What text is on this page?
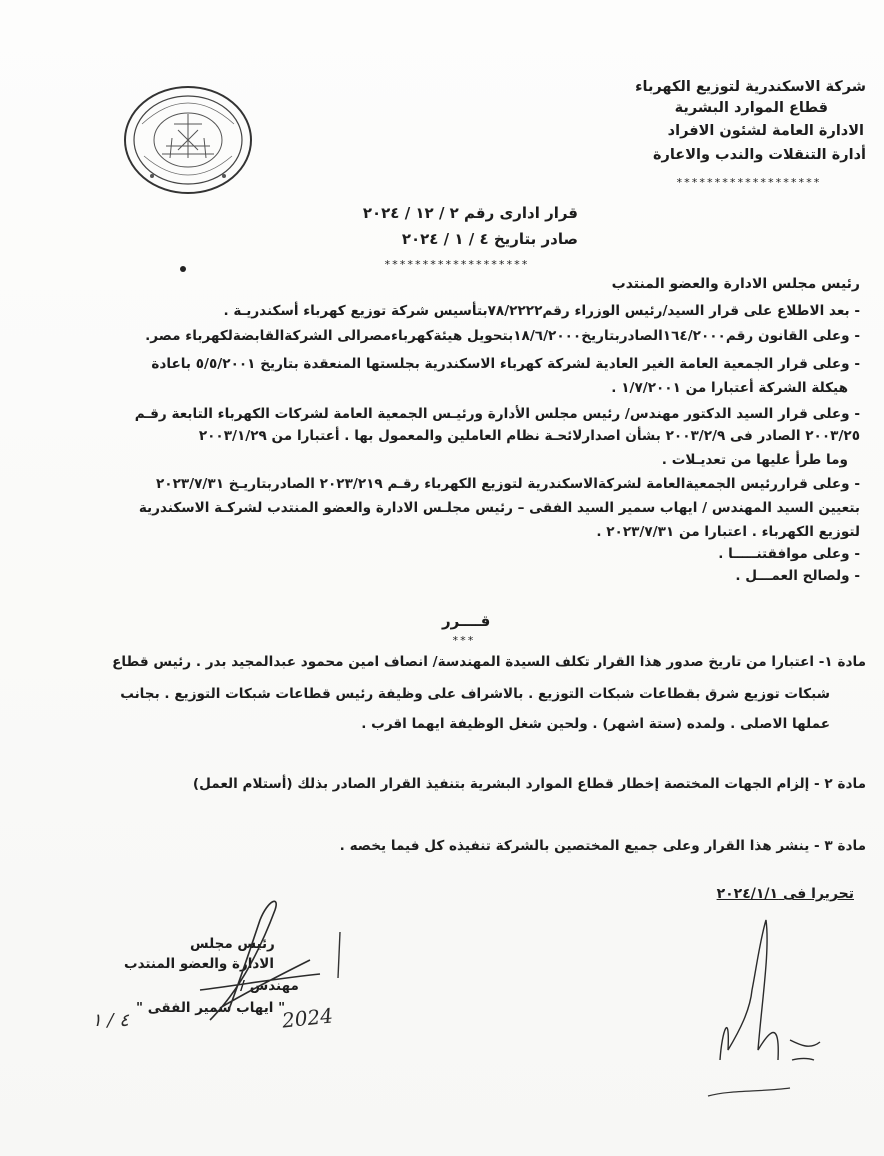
شركة الاسكندرية لتوزيع الكهرباء
قطاع الموارد البشرية
الادارة العامة لشئون الافراد
أدارة التنقلات والندب والاعارة
*******************
قرار ادارى رقم ٢ / ١٢ / ٢٠٢٤
صادر بتاريخ ٤ / ١ / ٢٠٢٤
*******************
رئيس مجلس الادارة والعضو المنتدب
- بعد الاطلاع على قرار السيد/رئيس الوزراء رقم٧٨/٢٢٢٢بتأسيس شركة توزيع كهرباء أسكندريـة .
- وعلى القانون رقم١٦٤/٢٠٠٠الصادربتاريخ١٨/٦/٢٠٠٠بتحويل هيئةكهرباءمصرالى الشركةالقابضةلكهرباء مصر.
- وعلى قرار الجمعية العامة الغير العادية لشركة كهرباء الاسكندرية بجلستها المنعقدة بتاريخ ٥/٥/٢٠٠١ باعادة
هيكلة الشركة أعتبارا من ١/٧/٢٠٠١ .
- وعلى قرار السيد الدكتور مهندس/ رئيس مجلس الأدارة ورئيـس الجمعية العامة لشركات الكهرباء التابعة رقـم
٢٠٠٣/٢٥ الصادر فى ٢٠٠٣/٢/٩ بشأن اصدارلائحـة نظام العاملين والمعمول بها . أعتبارا من ٢٠٠٣/١/٢٩
وما طرأ عليها من تعديـلات .
- وعلى قراررئيس الجمعيةالعامة لشركةالاسكندرية لتوزيع الكهرباء رقـم ٢٠٢٣/٢١٩ الصادربتاريـخ ٢٠٢٣/٧/٣١
بتعيين السيد المهندس / ايهاب سمير السيد الفقى – رئيس مجلـس الادارة والعضو المنتدب لشركـة الاسكندرية
لتوزيع الكهرباء . اعتبارا من ٢٠٢٣/٧/٣١ .
- وعلى موافقتنـــــا .
- ولصالح العمـــل .
قــــرر
***
مادة ١- اعتبارا من تاريخ صدور هذا القرار تكلف السيدة المهندسة/ انصاف امين محمود عبدالمجيد بدر . رئيس قطاع
شبكات توزيع شرق بقطاعات شبكات التوزيع . بالاشراف على وظيفة رئيس قطاعات شبكات التوزيع . بجانب
عملها الاصلى . ولمده (ستة اشهر) . ولحين شغل الوظيفة ايهما اقرب .
مادة ٢ - إلزام الجهات المختصة إخطار قطاع الموارد البشرية بتنفيذ القرار الصادر بذلك (أستلام العمل)
مادة ٣ - ينشر هذا القرار وعلى جميع المختصين بالشركة تنفيذه كل فيما يخصه .
تحريرا فى ٢٠٢٤/١/١
رئيس مجلس
الادارة والعضو المنتدب
مهندس /
" ايهاب سمير الفقى "
2024
٤ / ١
